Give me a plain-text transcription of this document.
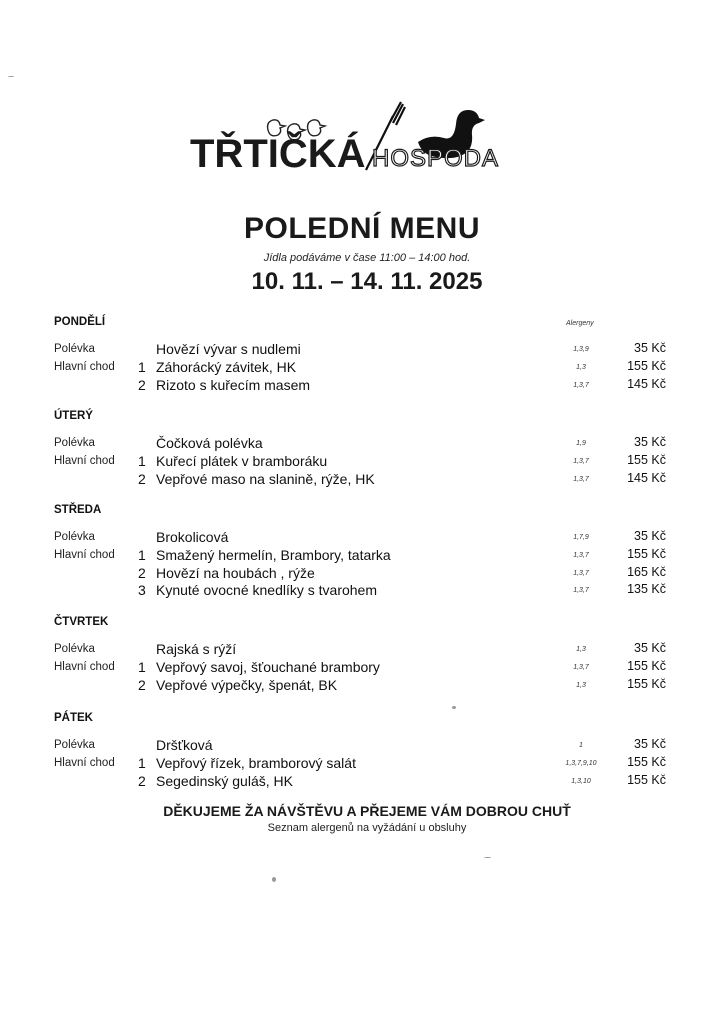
TŘTIČKÁ HOSPODA
POLEDNÍ MENU
Jídla podáváme v čase 11:00 – 14:00 hod.
10. 11. – 14. 11. 2025
Alergeny
PONDĚLÍ
Polévka	Hovězí vývar s nudlemi	1,3,9	35 Kč
Hlavní chod 1 Záhorácký závitek, HK	1,3	155 Kč
2 Rizoto s kuřecím masem	1,3,7	145 Kč
ÚTERÝ
Polévka	Čočková polévka	1,9	35 Kč
Hlavní chod 1 Kuřecí plátek v bramboráku	1,3,7	155 Kč
2 Vepřové maso na slanině, rýže, HK	1,3,7	145 Kč
STŘEDA
Polévka	Brokolicová	1,7,9	35 Kč
Hlavní chod 1 Smažený hermelín, Brambory, tatarka	1,3,7	155 Kč
2 Hovězí na houbách , rýže	1,3,7	165 Kč
3 Kynuté ovocné knedlíky s tvarohem	1,3,7	135 Kč
ČTVRTEK
Polévka	Rajská s rýží	1,3	35 Kč
Hlavní chod 1 Vepřový savoj, šťouchané brambory	1,3,7	155 Kč
2 Vepřové výpečky, špenát, BK	1,3	155 Kč
PÁTEK
Polévka	Dršťková	1	35 Kč
Hlavní chod 1 Vepřový řízek, bramborový salát	1,3,7,9,10	155 Kč
2 Segedinský guláš, HK	1,3,10	155 Kč
DĚKUJEME ŽA NÁVŠTĚVU A PŘEJEME VÁM DOBROU CHUŤ
Seznam alergenů na vyžádání u obsluhy
